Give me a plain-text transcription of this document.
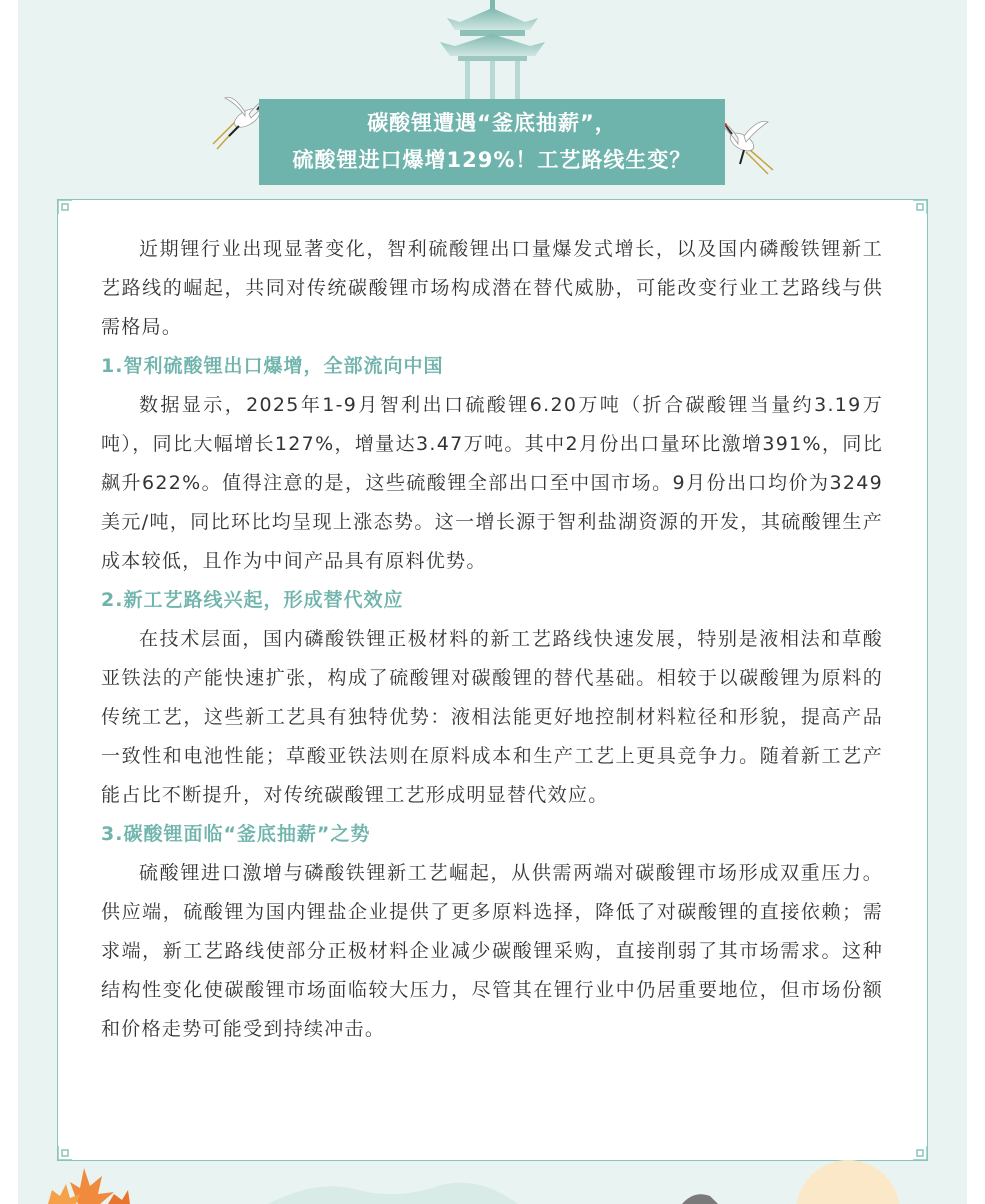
碳酸锂遭遇“釜底抽薪”，
硫酸锂进口爆增129%！工艺路线生变？

近期锂行业出现显著变化，智利硫酸锂出口量爆发式增长，以及国内磷酸铁锂新工艺路线的崛起，共同对传统碳酸锂市场构成潜在替代威胁，可能改变行业工艺路线与供需格局。

1.智利硫酸锂出口爆增，全部流向中国

数据显示，2025年1-9月智利出口硫酸锂6.20万吨（折合碳酸锂当量约3.19万吨），同比大幅增长127%，增量达3.47万吨。其中2月份出口量环比激增391%，同比飙升622%。值得注意的是，这些硫酸锂全部出口至中国市场。9月份出口均价为3249美元/吨，同比环比均呈现上涨态势。这一增长源于智利盐湖资源的开发，其硫酸锂生产成本较低，且作为中间产品具有原料优势。

2.新工艺路线兴起，形成替代效应

在技术层面，国内磷酸铁锂正极材料的新工艺路线快速发展，特别是液相法和草酸亚铁法的产能快速扩张，构成了硫酸锂对碳酸锂的替代基础。相较于以碳酸锂为原料的传统工艺，这些新工艺具有独特优势：液相法能更好地控制材料粒径和形貌，提高产品一致性和电池性能；草酸亚铁法则在原料成本和生产工艺上更具竞争力。随着新工艺产能占比不断提升，对传统碳酸锂工艺形成明显替代效应。

3.碳酸锂面临“釜底抽薪”之势

硫酸锂进口激增与磷酸铁锂新工艺崛起，从供需两端对碳酸锂市场形成双重压力。供应端，硫酸锂为国内锂盐企业提供了更多原料选择，降低了对碳酸锂的直接依赖；需求端，新工艺路线使部分正极材料企业减少碳酸锂采购，直接削弱了其市场需求。这种结构性变化使碳酸锂市场面临较大压力，尽管其在锂行业中仍居重要地位，但市场份额和价格走势可能受到持续冲击。
